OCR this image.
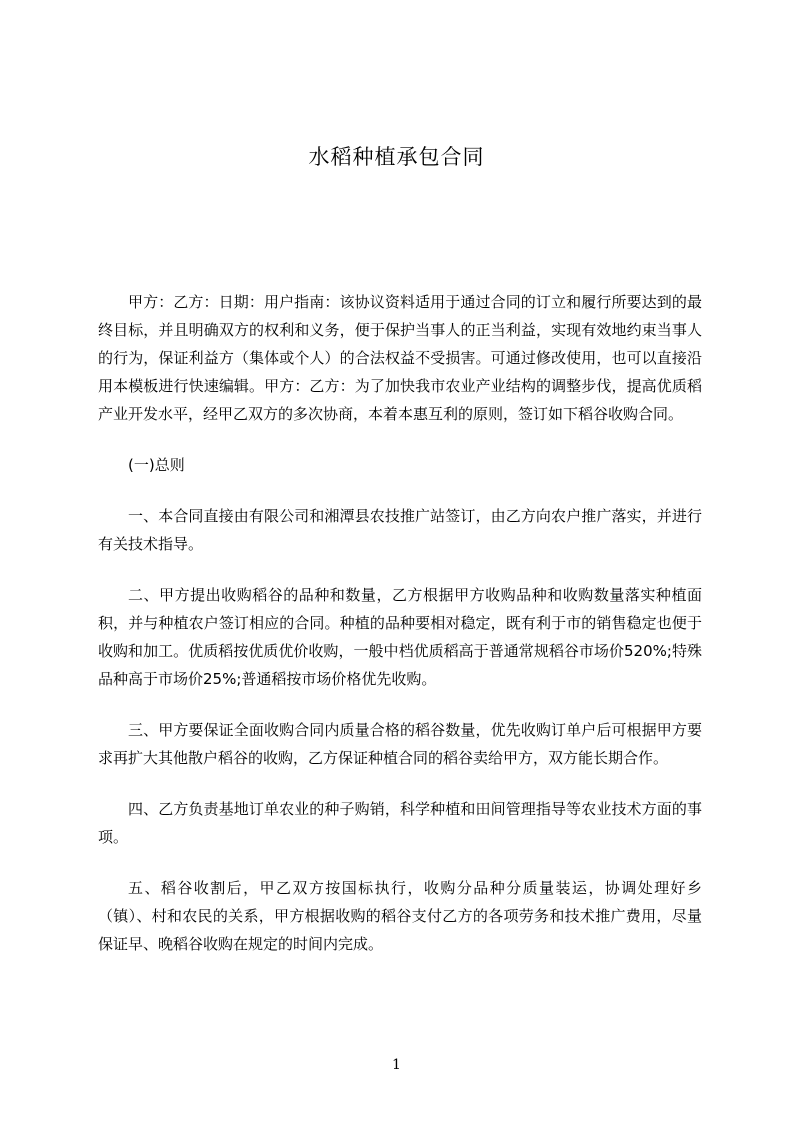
水稻种植承包合同

甲方：乙方：日期：用户指南：该协议资料适用于通过合同的订立和履行所要达到的最终目标，并且明确双方的权利和义务，便于保护当事人的正当利益，实现有效地约束当事人的行为，保证利益方（集体或个人）的合法权益不受损害。可通过修改使用，也可以直接沿用本模板进行快速编辑。甲方：乙方：为了加快我市农业产业结构的调整步伐，提高优质稻产业开发水平，经甲乙双方的多次协商，本着本惠互利的原则，签订如下稻谷收购合同。

(一)总则

一、本合同直接由有限公司和湘潭县农技推广站签订，由乙方向农户推广落实，并进行有关技术指导。

二、甲方提出收购稻谷的品种和数量，乙方根据甲方收购品种和收购数量落实种植面积，并与种植农户签订相应的合同。种植的品种要相对稳定，既有利于市的销售稳定也便于收购和加工。优质稻按优质优价收购，一般中档优质稻高于普通常规稻谷市场价520%;特殊品种高于市场价25%;普通稻按市场价格优先收购。

三、甲方要保证全面收购合同内质量合格的稻谷数量，优先收购订单户后可根据甲方要求再扩大其他散户稻谷的收购，乙方保证种植合同的稻谷卖给甲方，双方能长期合作。

四、乙方负责基地订单农业的种子购销，科学种植和田间管理指导等农业技术方面的事项。

五、稻谷收割后，甲乙双方按国标执行，收购分品种分质量装运，协调处理好乡（镇）、村和农民的关系，甲方根据收购的稻谷支付乙方的各项劳务和技术推广费用，尽量保证早、晚稻谷收购在规定的时间内完成。

1
